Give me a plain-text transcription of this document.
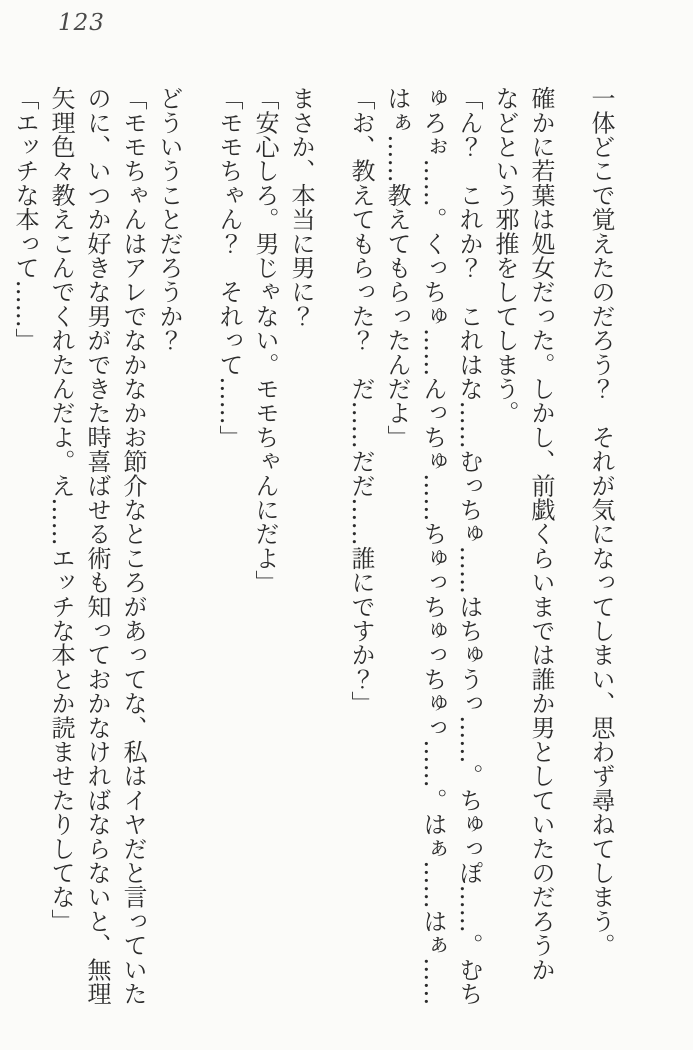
123
一体どこで覚えたのだろう？　それが気になってしまい、思わず尋ねてしまう。
確かに若葉は処女だった。しかし、前戯くらいまでは誰か男としていたのだろうか
などという邪推をしてしまう。
「ん？　これか？　これはな……むっちゅ……はちゅうっ……。ちゅっぽ……。むち
ゅろぉ……。くっちゅ……んっちゅ……ちゅっちゅっちゅっ……。はぁ……はぁ……
はぁ……教えてもらったんだよ」
「お、教えてもらった？　だ……だだ……誰にですか？」
まさか、本当に男に？
「安心しろ。男じゃない。モモちゃんにだよ」
「モモちゃん？　それって……」
どういうことだろうか？
「モモちゃんはアレでなかなかお節介なところがあってな、私はイヤだと言っていた
のに、いつか好きな男ができた時喜ばせる術も知っておかなければならないと、無理
矢理色々教えこんでくれたんだよ。え……エッチな本とか読ませたりしてな」
「エッチな本って……」
